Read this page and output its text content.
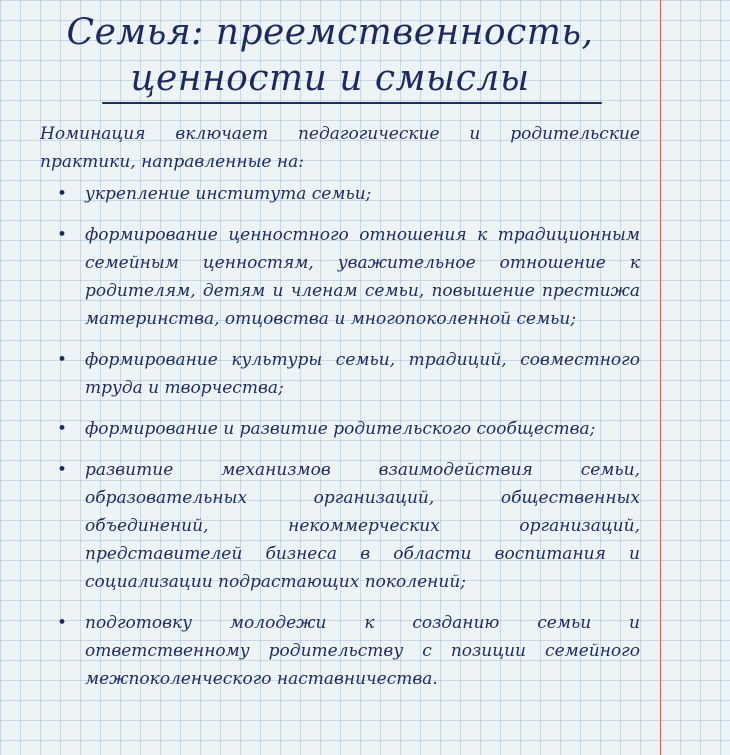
Семья: преемственность,
ценности и смыслы

Номинация включает педагогические и родительские практики, направленные на:

• укрепление института семьи;
• формирование ценностного отношения к традиционным семейным ценностям, уважительное отношение к родителям, детям и членам семьи, повышение престижа материнства, отцовства и многопоколенной семьи;
• формирование культуры семьи, традиций, совместного труда и творчества;
• формирование и развитие родительского сообщества;
• развитие механизмов взаимодействия семьи, образовательных организаций, общественных объединений, некоммерческих организаций, представителей бизнеса в области воспитания и социализации подрастающих поколений;
• подготовку молодежи к созданию семьи и ответственному родительству с позиции семейного межпоколенческого наставничества.
